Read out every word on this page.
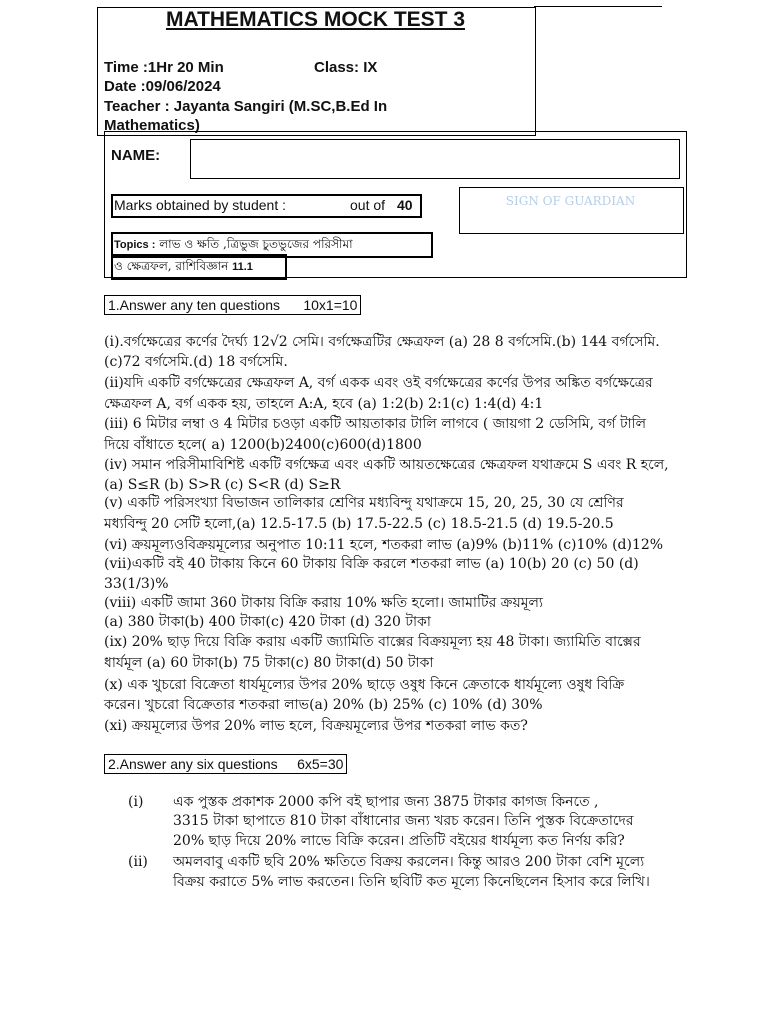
MATHEMATICS MOCK TEST 3
Time :1Hr 20 Min	Class: IX
Date :09/06/2024
Teacher : Jayanta Sangiri (M.SC,B.Ed In
Mathematics)
NAME:
Marks obtained by student :	out of 40	SIGN OF GUARDIAN
Topics : লাভ ও ক্ষতি ,ত্রিভুজ চুতভুজের পরিসীমা
ও ক্ষেত্রফল, রাশিবিজ্ঞান 11.1
1.Answer any ten questions 10x1=10
(i).বর্গক্ষেত্রের কর্ণের দৈর্ঘ্য 12√2 সেমি। বর্গক্ষেত্রটির ক্ষেত্রফল (a) 28 8 বর্গসেমি.(b) 144 বর্গসেমি.
(c)72 বর্গসেমি.(d) 18 বর্গসেমি.
(ii)যদি একটি বর্গক্ষেত্রের ক্ষেত্রফল A, বর্গ একক এবং ওই বর্গক্ষেত্রের কর্ণের উপর অঙ্কিত বর্গক্ষেত্রের
ক্ষেত্রফল A, বর্গ একক হয়, তাহলে A:A, হবে (a) 1:2(b) 2:1(c) 1:4(d) 4:1
(iii) 6 মিটার লম্বা ও 4 মিটার চওড়া একটি আয়তাকার টালি লাগবে ( জায়গা 2 ডেসিমি, বর্গ টালি
দিয়ে বাঁধাতে হলে( a) 1200(b)2400(c)600(d)1800
(iv) সমান পরিসীমাবিশিষ্ট একটি বর্গক্ষেত্র এবং একটি আয়তক্ষেত্রের ক্ষেত্রফল যথাক্রমে S এবং R হলে,
(a) S≤R (b) S>R (c) S<R (d) S≥R
(v) একটি পরিসংখ্যা বিভাজন তালিকার শ্রেণির মধ্যবিন্দু যথাক্রমে 15, 20, 25, 30 যে শ্রেণির
মধ্যবিন্দু 20 সেটি হলো,(a) 12.5-17.5 (b) 17.5-22.5 (c) 18.5-21.5 (d) 19.5-20.5
(vi) ক্রয়মূল্যওবিক্রয়মূল্যের অনুপাত 10:11 হলে, শতকরা লাভ (a)9% (b)11% (c)10% (d)12%
(vii)একটি বই 40 টাকায় কিনে 60 টাকায় বিক্রি করলে শতকরা লাভ (a) 10(b) 20 (c) 50 (d)
33(1/3)%
(viii) একটি জামা 360 টাকায় বিক্রি করায় 10% ক্ষতি হলো। জামাটির ক্রয়মূল্য
(a) 380 টাকা(b) 400 টাকা(c) 420 টাকা (d) 320 টাকা
(ix) 20% ছাড় দিয়ে বিক্রি করায় একটি জ্যামিতি বাক্সের বিক্রয়মূল্য হয় 48 টাকা। জ্যামিতি বাক্সের
ধার্যমূল (a) 60 টাকা(b) 75 টাকা(c) 80 টাকা(d) 50 টাকা
(x) এক খুচরো বিক্রেতা ধার্যমূল্যের উপর 20% ছাড়ে ওষুধ কিনে ক্রেতাকে ধার্যমূল্যে ওষুধ বিক্রি
করেন। খুচরো বিক্রেতার শতকরা লাভ(a) 20% (b) 25% (c) 10% (d) 30%
(xi) ক্রয়মূল্যের উপর 20% লাভ হলে, বিক্রয়মূল্যের উপর শতকরা লাভ কত?
2.Answer any six questions 6x5=30
(i) এক পুস্তক প্রকাশক 2000 কপি বই ছাপার জন্য 3875 টাকার কাগজ কিনতে ,
3315 টাকা ছাপাতে 810 টাকা বাঁধানোর জন্য খরচ করেন। তিনি পুস্তক বিক্রেতাদের
20% ছাড় দিয়ে 20% লাভে বিক্রি করেন। প্রতিটি বইয়ের ধার্যমূল্য কত নির্ণয় করি?
(ii) অমলবাবু একটি ছবি 20% ক্ষতিতে বিক্রয় করলেন। কিন্তু আরও 200 টাকা বেশি মূল্যে
বিক্রয় করাতে 5% লাভ করতেন। তিনি ছবিটি কত মূল্যে কিনেছিলেন হিসাব করে লিখি।
